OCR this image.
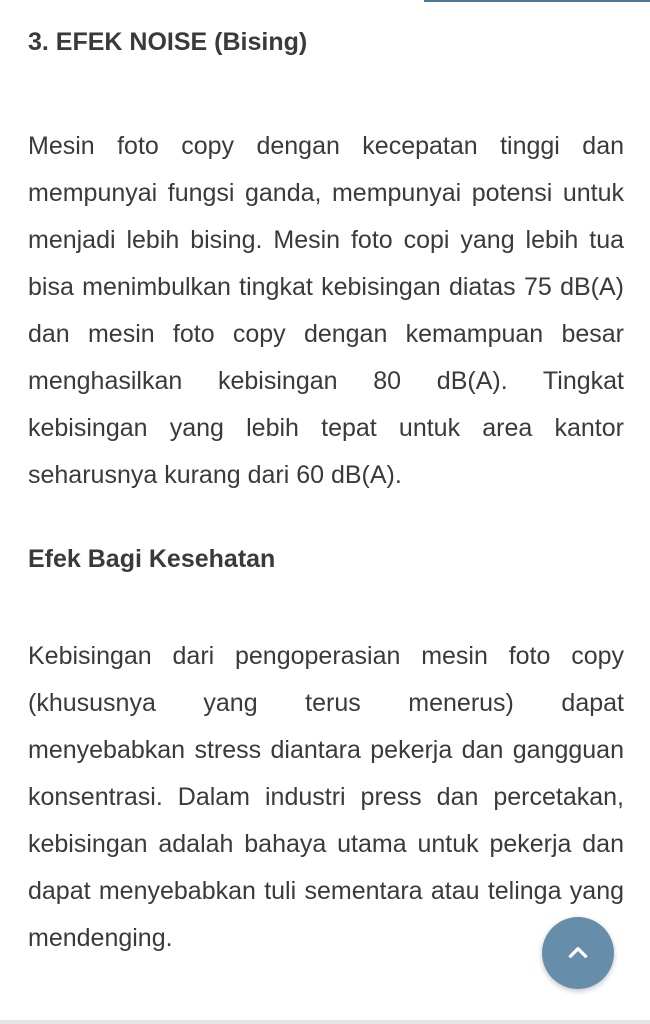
3. EFEK NOISE (Bising)

Mesin foto copy dengan kecepatan tinggi dan mempunyai fungsi ganda, mempunyai potensi untuk menjadi lebih bising. Mesin foto copi yang lebih tua bisa menimbulkan tingkat kebisingan diatas 75 dB(A) dan mesin foto copy dengan kemampuan besar menghasilkan kebisingan 80 dB(A). Tingkat kebisingan yang lebih tepat untuk area kantor seharusnya kurang dari 60 dB(A).

Efek Bagi Kesehatan

Kebisingan dari pengoperasian mesin foto copy (khususnya yang terus menerus) dapat menyebabkan stress diantara pekerja dan gangguan konsentrasi. Dalam industri press dan percetakan, kebisingan adalah bahaya utama untuk pekerja dan dapat menyebabkan tuli sementara atau telinga yang mendenging.
